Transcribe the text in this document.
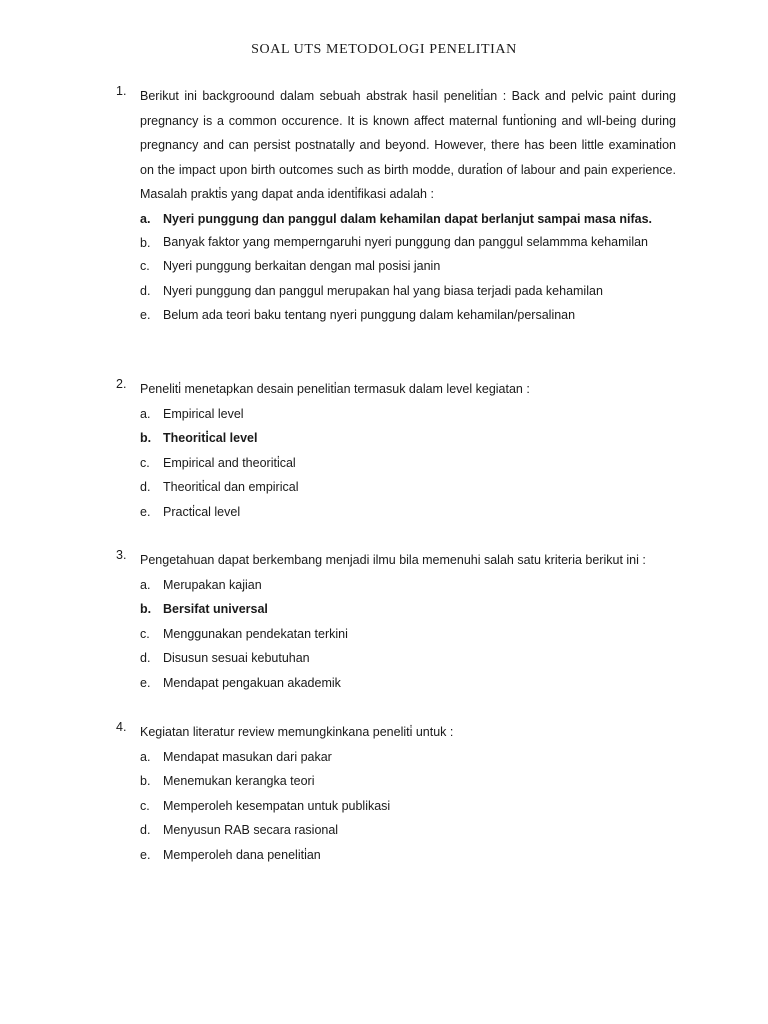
SOAL UTS METODOLOGI PENELITIAN
1.	Berikut ini backgroound dalam sebuah abstrak hasil peneliti̇an : Back and pelvic paint during pregnancy is a common occurence. It is known affect maternal funti̇oning and wll-being during pregnancy and can persist postnatally and beyond. However, there has been little examinati̇on on the impact upon birth outcomes such as birth modde, durati̇on of labour and pain experience. Masalah prakti̇s yang dapat anda identi̇fikasi adalah :
a. Nyeri punggung dan panggul dalam kehamilan dapat berlanjut sampai masa nifas.
b. Banyak faktor yang memperngaruhi nyeri punggung dan panggul selammma kehamilan
c. Nyeri punggung berkaitan dengan mal posisi janin
d. Nyeri punggung dan panggul merupakan hal yang biasa terjadi pada kehamilan
e. Belum ada teori baku tentang nyeri punggung dalam kehamilan/persalinan
2.	Peneliti̇ menetapkan desain peneliti̇an termasuk dalam level kegiatan :
a. Empirical level
b. Theoriti̇cal level
c. Empirical and theoriti̇cal
d. Theoriti̇cal dan empirical
e. Practi̇cal level
3.	Pengetahuan dapat berkembang menjadi ilmu bila memenuhi salah satu kriteria berikut ini :
a. Merupakan kajian
b. Bersifat universal
c. Menggunakan pendekatan terkini
d. Disusun sesuai kebutuhan
e. Mendapat pengakuan akademik
4.	Kegiatan literatur review memungkinkana peneliti̇ untuk :
a. Mendapat masukan dari pakar
b. Menemukan kerangka teori
c. Memperoleh kesempatan untuk publikasi
d. Menyusun RAB secara rasional
e. Memperoleh dana peneliti̇an
